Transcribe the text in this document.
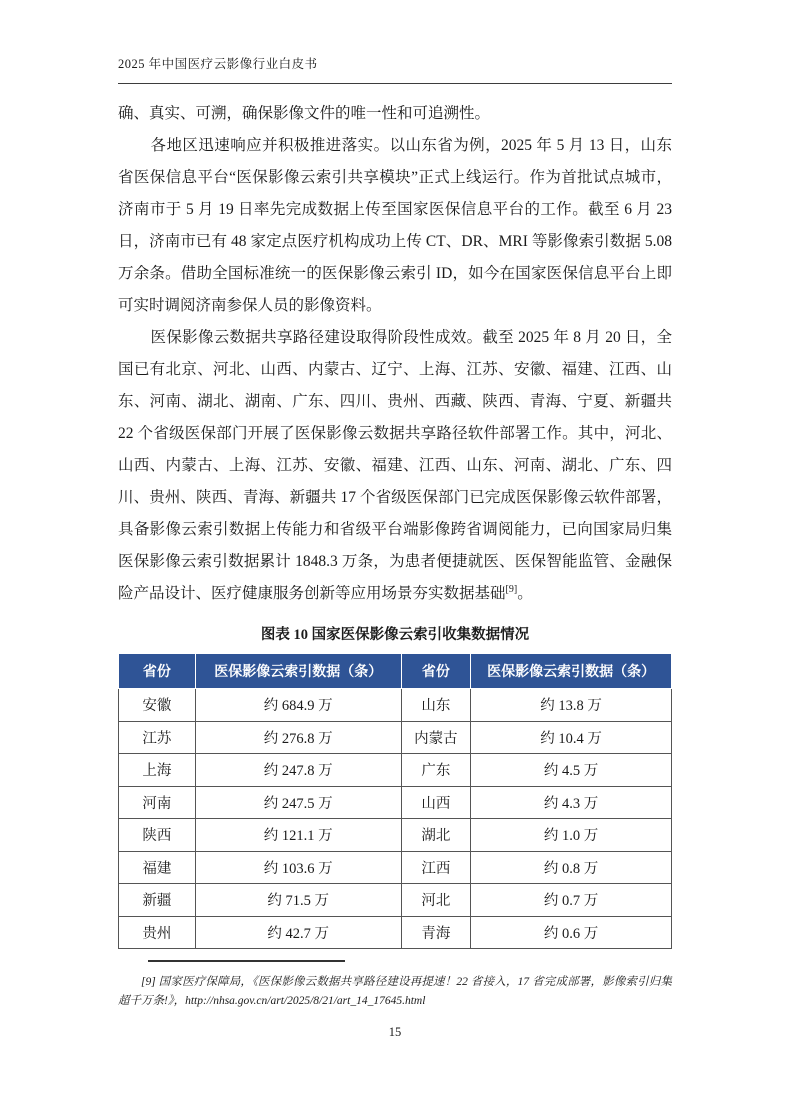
2025 年中国医疗云影像行业白皮书

确、真实、可溯，确保影像文件的唯一性和可追溯性。

各地区迅速响应并积极推进落实。以山东省为例，2025 年 5 月 13 日，山东省医保信息平台“医保影像云索引共享模块”正式上线运行。作为首批试点城市，济南市于 5 月 19 日率先完成数据上传至国家医保信息平台的工作。截至 6 月 23 日，济南市已有 48 家定点医疗机构成功上传 CT、DR、MRI 等影像索引数据 5.08 万余条。借助全国标准统一的医保影像云索引 ID，如今在国家医保信息平台上即可实时调阅济南参保人员的影像资料。

医保影像云数据共享路径建设取得阶段性成效。截至 2025 年 8 月 20 日，全国已有北京、河北、山西、内蒙古、辽宁、上海、江苏、安徽、福建、江西、山东、河南、湖北、湖南、广东、四川、贵州、西藏、陕西、青海、宁夏、新疆共 22 个省级医保部门开展了医保影像云数据共享路径软件部署工作。其中，河北、山西、内蒙古、上海、江苏、安徽、福建、江西、山东、河南、湖北、广东、四川、贵州、陕西、青海、新疆共 17 个省级医保部门已完成医保影像云软件部署，具备影像云索引数据上传能力和省级平台端影像跨省调阅能力，已向国家局归集医保影像云索引数据累计 1848.3 万条，为患者便捷就医、医保智能监管、金融保险产品设计、医疗健康服务创新等应用场景夯实数据基础[9]。

图表 10 国家医保影像云索引收集数据情况
省份	医保影像云索引数据（条）	省份	医保影像云索引数据（条）
安徽	约 684.9 万	山东	约 13.8 万
江苏	约 276.8 万	内蒙古	约 10.4 万
上海	约 247.8 万	广东	约 4.5 万
河南	约 247.5 万	山西	约 4.3 万
陕西	约 121.1 万	湖北	约 1.0 万
福建	约 103.6 万	江西	约 0.8 万
新疆	约 71.5 万	河北	约 0.7 万
贵州	约 42.7 万	青海	约 0.6 万

[9] 国家医疗保障局，《医保影像云数据共享路径建设再提速！22 省接入，17 省完成部署，影像索引归集超千万条!》，http://nhsa.gov.cn/art/2025/8/21/art_14_17645.html

15
